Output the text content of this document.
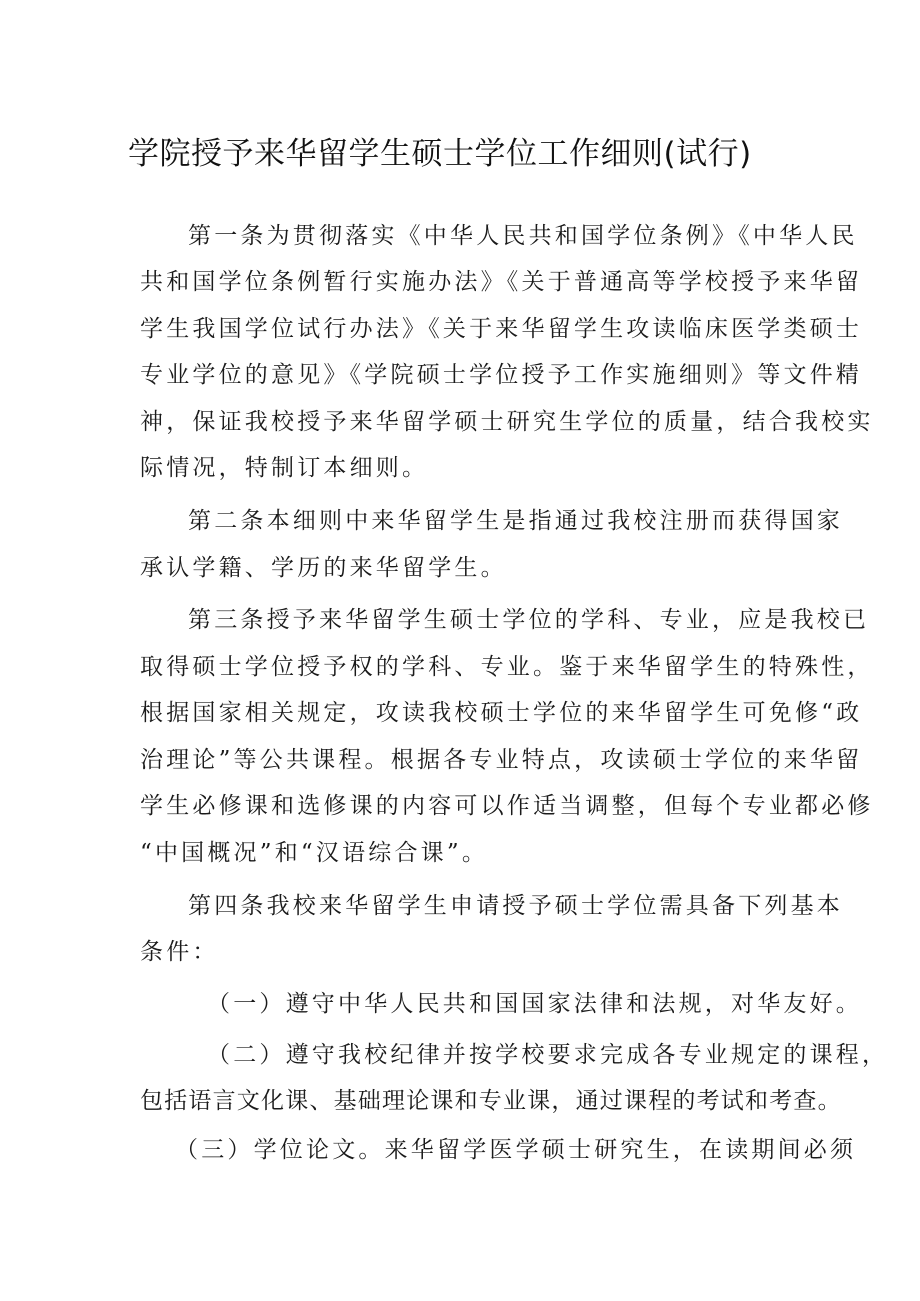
学院授予来华留学生硕士学位工作细则(试行)

第一条为贯彻落实《中华人民共和国学位条例》《中华人民

共和国学位条例暂行实施办法》《关于普通高等学校授予来华留

学生我国学位试行办法》《关于来华留学生攻读临床医学类硕士

专业学位的意见》《学院硕士学位授予工作实施细则》等文件精

神，保证我校授予来华留学硕士研究生学位的质量，结合我校实

际情况，特制订本细则。

第二条本细则中来华留学生是指通过我校注册而获得国家

承认学籍、学历的来华留学生。

第三条授予来华留学生硕士学位的学科、专业，应是我校已

取得硕士学位授予权的学科、专业。鉴于来华留学生的特殊性，

根据国家相关规定，攻读我校硕士学位的来华留学生可免修“政

治理论”等公共课程。根据各专业特点，攻读硕士学位的来华留

学生必修课和选修课的内容可以作适当调整，但每个专业都必修

“中国概况”和“汉语综合课”。

第四条我校来华留学生申请授予硕士学位需具备下列基本

条件：

（一）遵守中华人民共和国国家法律和法规，对华友好。

（二）遵守我校纪律并按学校要求完成各专业规定的课程，

包括语言文化课、基础理论课和专业课，通过课程的考试和考查。

（三）学位论文。来华留学医学硕士研究生，在读期间必须
